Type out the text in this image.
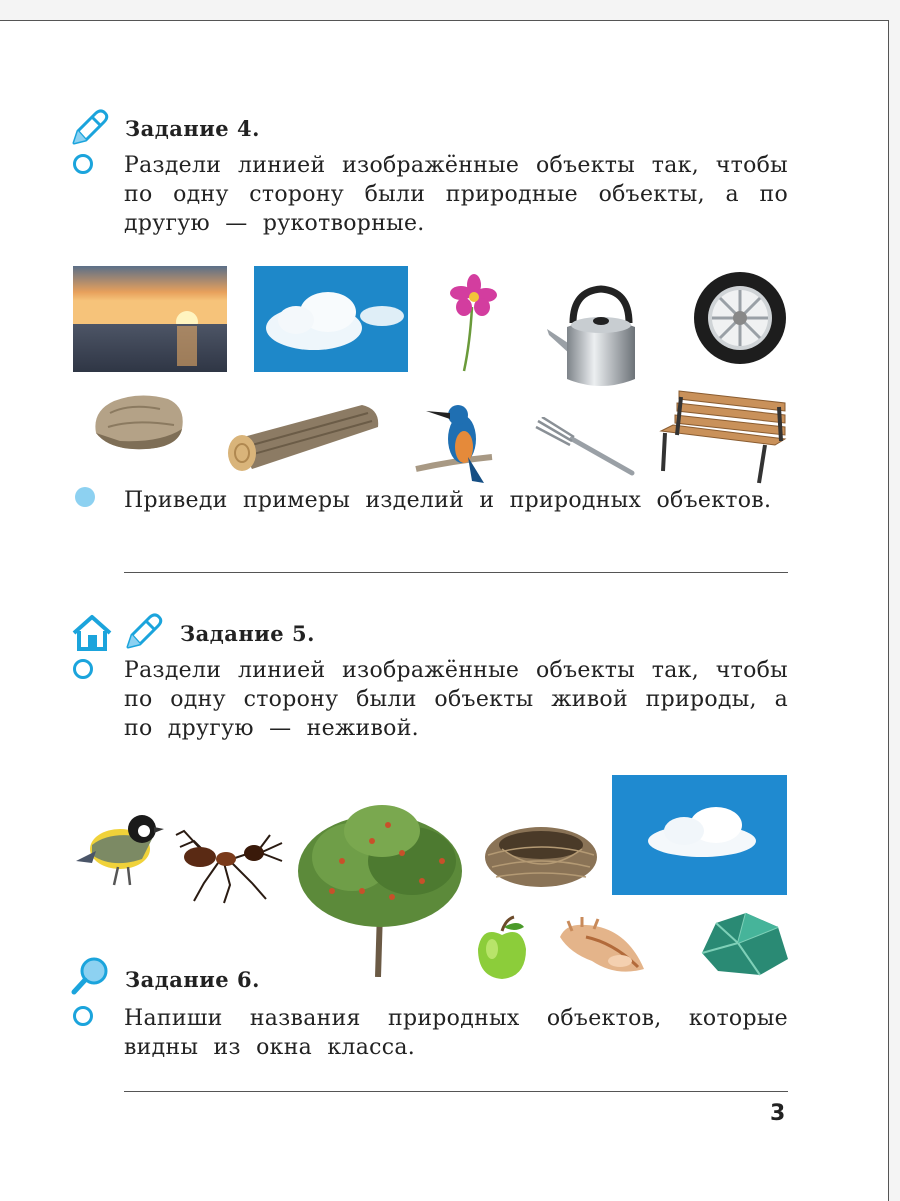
Задание 4.
Раздели линией изображённые объекты так, чтобы по одну сторону были природные объекты, а по другую — рукотворные.
Приведи примеры изделий и природных объектов.
Задание 5.
Раздели линией изображённые объекты так, чтобы по одну сторону были объекты живой природы, а по другую — неживой.
Задание 6.
Напиши названия природных объектов, которые видны из окна класса.
3
